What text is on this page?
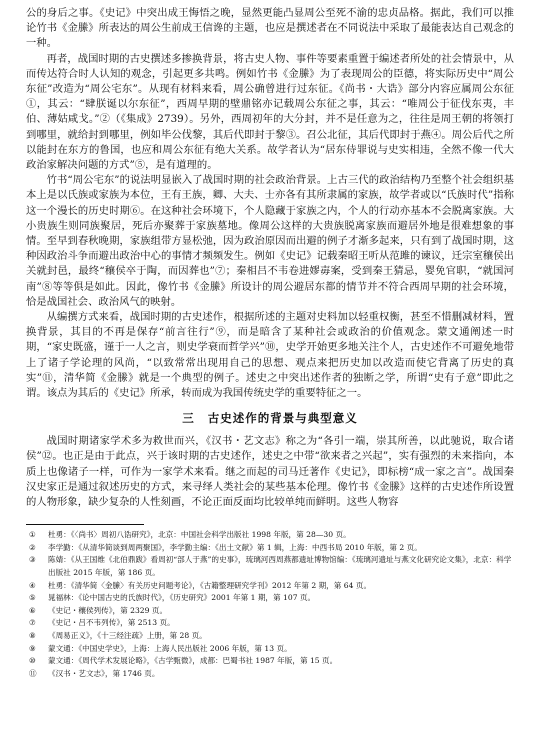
公的身后之事。《史记》中突出成王悔悟之晚，显然更能凸显周公至死不渝的忠贞品格。据此，我们可以推论竹书《金縢》所表达的周公生前成王信谗的主题，也应是撰述者在不同说法中采取了最能表达自己观念的一种。

再者，战国时期的古史撰述多掺换背景，将古史人物、事件等要素重置于编述者所处的社会情景中，从而传达符合时人认知的观念，引起更多共鸣。例如竹书《金縢》为了表现周公的臣德，将实际历史中“周公东征”改造为“周公宅东”。从现有材料来看，周公确曾进行过东征。《尚书・大诰》部分内容应属周公东征①，其云：“肆朕诞以尔东征”，西周早期的壁鼎铭亦记载周公东征之事，其云：“唯周公于征伐东夷，丰伯、薄姑咸戈。”②（《集成》2739）。另外，西周初年的大分封，并不是任意为之，往往是周王朝的将领打到哪里，就给封到哪里，例如毕公伐黎，其后代即封于黎③。召公北征，其后代即封于燕④。周公后代之所以能封在东方的鲁国，也应和周公东征有绝大关系。故学者认为“居东侍罪说与史实相违，全然不像一代大政治家解决问题的方式”⑤，是有道理的。

竹书“周公宅东”的说法明显嵌入了战国时期的社会政治背景。上古三代的政治结构乃至整个社会组织基本上是以氏族或家族为本位，王有王族，卿、大夫、士亦各有其所隶属的家族，故学者或以“氏族时代”指称这一个漫长的历史时期⑥。在这种社会环境下，个人隐藏于家族之内，个人的行动亦基本不会脱离家族。大小贵族生则同族聚居，死后亦聚葬于家族墓地。像周公这样的大贵族脱离家族而避居外地是很难想象的事情。至早到春秋晚期，家族组带方显松弛，因为政治原因而出避的例子才渐多起来，只有到了战国时期，这种因政治斗争而避出政治中心的事情才频频发生。例如《史记》记载秦昭王听从范雎的谏议，迁宗室穰侯出关就封邑，最终“穰侯卒于陶，而因葬也”⑦；秦相吕不韦卷进嫪毐案，受到秦王猜忌，婴免官职，“就国河南”⑧等等俱是如此。因此，像竹书《金縢》所设计的周公避居东都的情节并不符合西周早期的社会环境，恰是战国社会、政治风气的映射。

从编撰方式来看，战国时期的古史述作，根据所述的主题对史料加以轻重权衡，甚至不惜删减材料，置换背景，其目的不再是保存“前言往行”⑨，而是暗含了某种社会或政治的价值观念。蒙文通阐述一时期，“家史既盛，谨于一人之言，则史学衰而哲学兴”⑩，史学开始更多地关注个人，古史述作不可避免地带上了诸子学论理的风尚，“以致常常出现用自己的思想、观点来把历史加以改造而使它背离了历史的真实”⑪，清华简《金縢》就是一个典型的例子。述史之中突出述作者的独断之学，所谓“史有子意”即此之谓。该点为其后的《史记》所承，转而成为我国传统史学的重要特征之一。

三 古史述作的背景与典型意义

战国时期诸家学术多为救世而兴，《汉书・艺文志》称之为“各引一端，崇其所善，以此驰说，取合诸侯”⑫。也正是由于此点，兴于该时期的古史述作，述史之中带“欲来者之兴起”，实有强烈的未来指向，本质上也像诸子一样，可作为一家学术来看。继之而起的司马迁著作《史记》，即标榜“成一家之言”。战国秦汉史家正是通过叙述历史的方式，来寻绎人类社会的某些基本伦理。像竹书《金縢》这样的古史述作所设置的人物形象，缺少复杂的人性刻画，不论正面反面均比较单纯而鲜明。这些人物容

① 杜勇：《〈尚书〉周初八诰研究》，北京：中国社会科学出版社 1998 年版，第 28—30 页。
② 李学勤：《从清华简谈到周两聚国》，李学勤主编：《出土文献》第 1 辑，上海：中西书局 2010 年版，第 2 页。
③ 陈婧：《从王国维《北伯鼎跋》看周初“部人于燕”的史事》，琉璃河西周燕都遗址博物馆编：《琉璃河遗址与燕文化研究论文集》，北京：科学出版社 2015 年版，第 186 页。
④ 杜勇：《清华简〈金縢〉有关历史问题考论》，《古籍整理研究学刊》2012 年第 2 期，第 64 页。
⑤ 晁福林：《论中国古史的氏族时代》，《历史研究》2001 年第 1 期，第 107 页。
⑥ 《史记・穰侯列传》，第 2329 页。
⑦ 《史记・吕不韦列传》，第 2513 页。
⑧ 《周易正义》，《十三经注疏》上册，第 28 页。
⑨ 蒙文通：《中国史学史》，上海：上海人民出版社 2006 年版，第 13 页。
⑩ 蒙文通：《周代学术发展论略》，《古学甄微》，成都：巴蜀书社 1987 年版，第 15 页。
⑪ 《汉书・艺文志》，第 1746 页。
